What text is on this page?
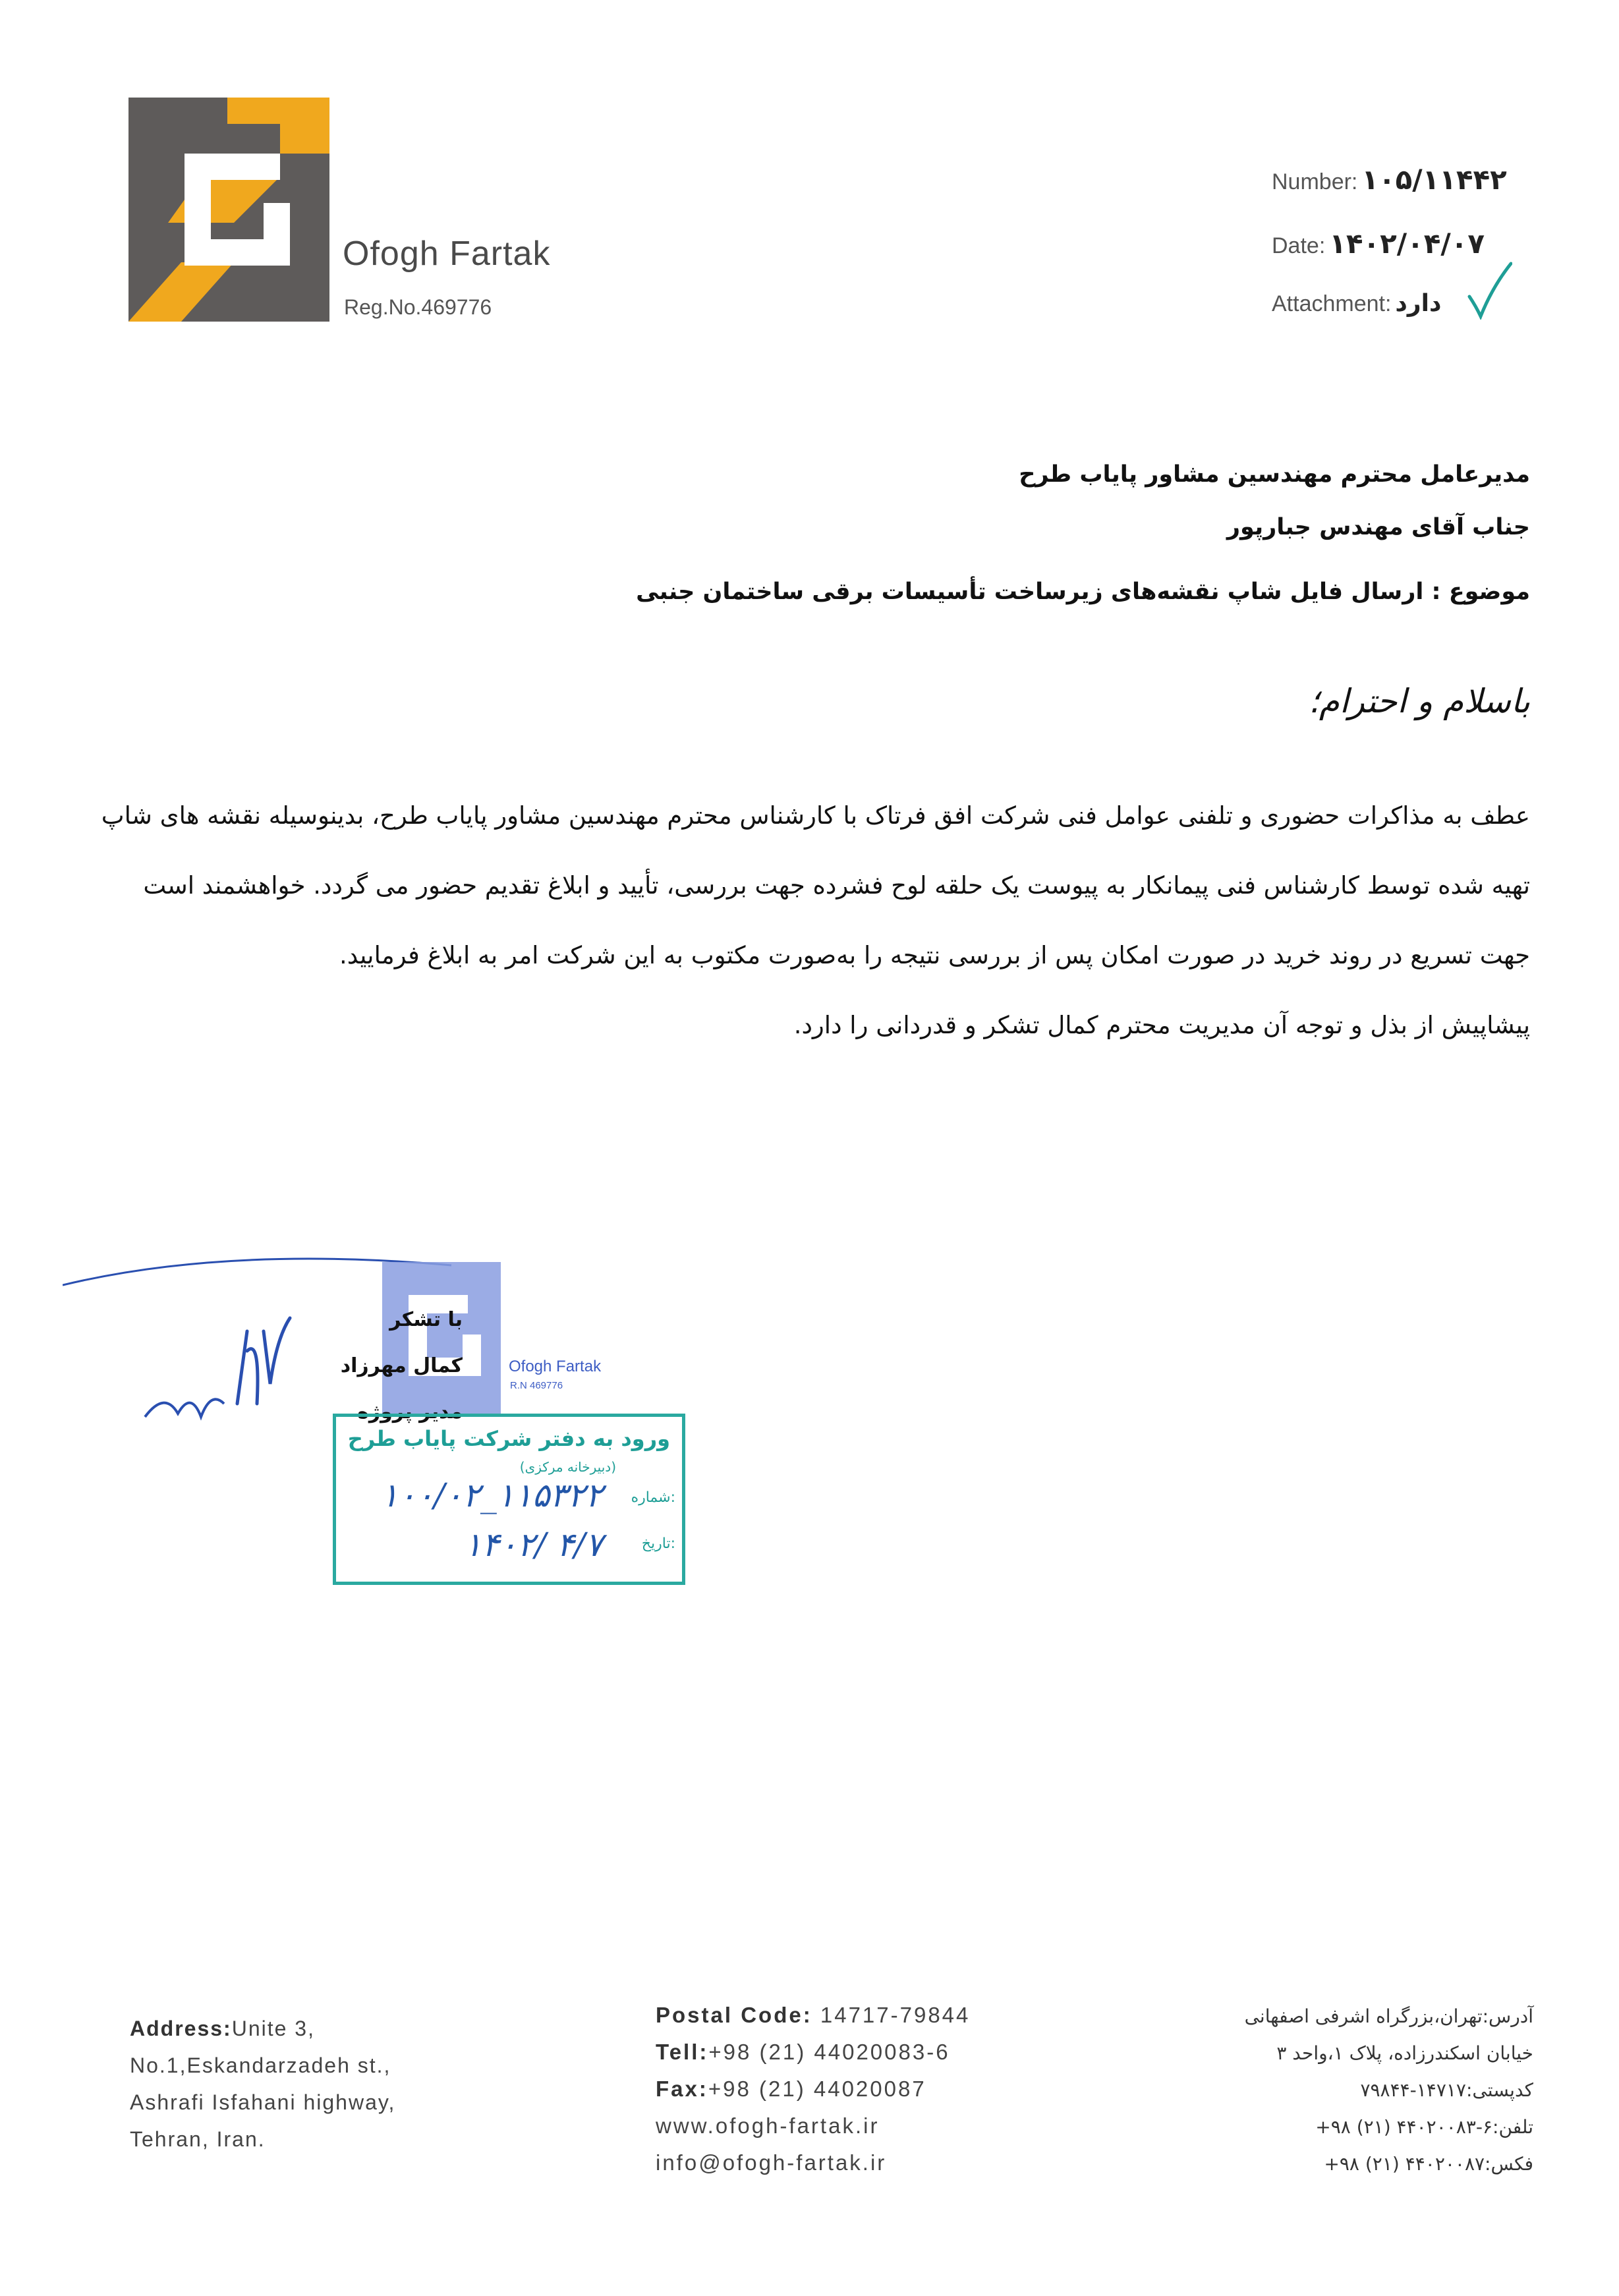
Ofogh Fartak
Reg.No.469776
Number: ۱۰۵/۱۱۴۴۲
Date: ۱۴۰۲/۰۴/۰۷
Attachment: دارد
مدیرعامل محترم مهندسین مشاور پایاب طرح
جناب آقای مهندس جبارپور
موضوع : ارسال فایل شاپ نقشه‌های زیرساخت تأسیسات برقی ساختمان جنبی
باسلام و احترام؛

عطف به مذاکرات حضوری و تلفنی عوامل فنی شرکت افق فرتاک با کارشناس محترم مهندسین مشاور پایاب طرح، بدینوسیله نقشه های شاپ تهیه شده توسط کارشناس فنی پیمانکار به پیوست یک حلقه لوح فشرده جهت بررسی، تأیید و ابلاغ تقدیم حضور می گردد. خواهشمند است جهت تسریع در روند خرید در صورت امکان پس از بررسی نتیجه را به‌صورت مکتوب به این شرکت امر به ابلاغ فرمایید.

پیشاپیش از بذل و توجه آن مدیریت محترم کمال تشکر و قدردانی را دارد.

Ofogh Fartak
R.N 469776
با تشکر
کمال مهرزاد
مدیر پروژه
ورود به دفتر شرکت پایاب طرح
(دبیرخانه مرکزی)
شماره:
۱۰۰/۰۲_۱۱۵۳۲۲
تاریخ:
۱۴۰۲/ ۴/۷
Address:Unite 3,
No.1,Eskandarzadeh st.,
Ashrafi Isfahani highway,
Tehran, Iran.
Postal Code: 14717-79844
Tell:+98 (21) 44020083-6
Fax:+98 (21) 44020087
www.ofogh-fartak.ir
info@ofogh-fartak.ir
آدرس:تهران،بزرگراه اشرفی اصفهانی
خیابان اسکندرزاده، پلاک ۱،واحد ۳
کدپستی:۱۴۷۱۷-۷۹۸۴۴
تلفن:۶-۴۴۰۲۰۰۸۳ (۲۱) ۹۸+
فکس:۴۴۰۲۰۰۸۷ (۲۱) ۹۸+
